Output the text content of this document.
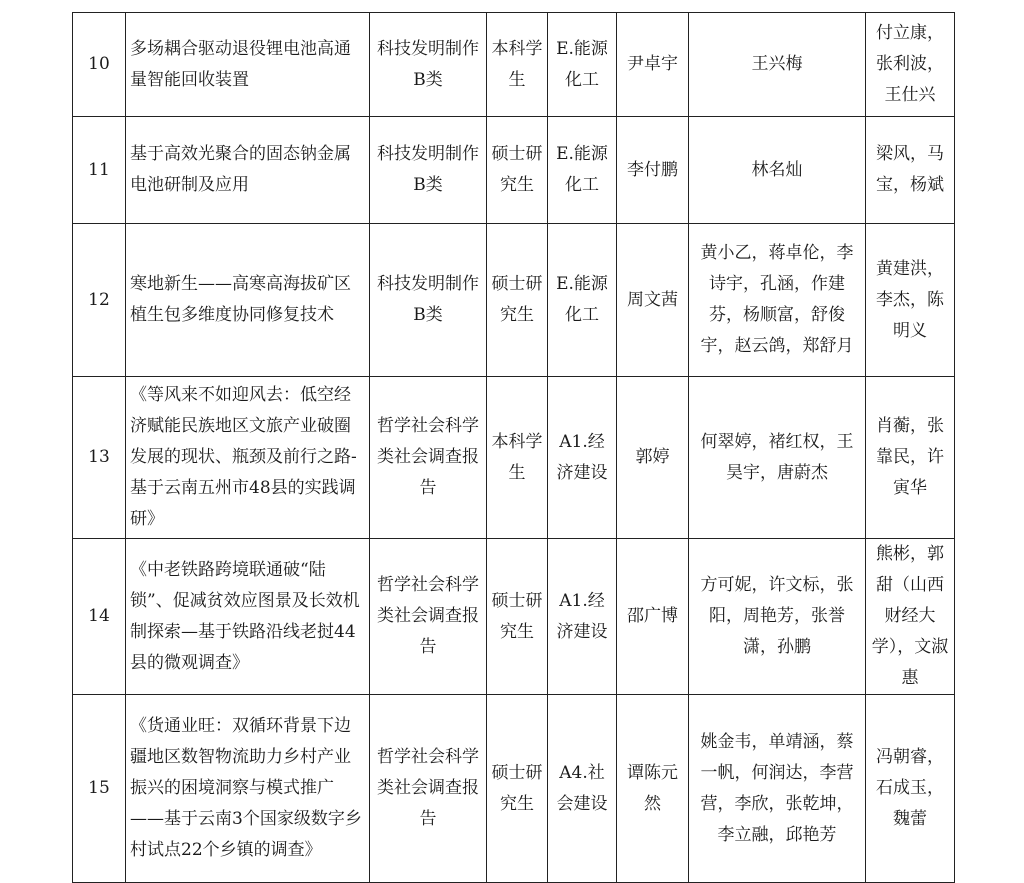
10	多场耦合驱动退役锂电池高通量智能回收装置	科技发明制作B类	本科学生	E.能源化工	尹卓宇	王兴梅	付立康，张利波，王仕兴
11	基于高效光聚合的固态钠金属电池研制及应用	科技发明制作B类	硕士研究生	E.能源化工	李付鹏	林名灿	梁风，马宝，杨斌
12	寒地新生——高寒高海拔矿区植生包多维度协同修复技术	科技发明制作B类	硕士研究生	E.能源化工	周文茜	黄小乙，蒋卓伦，李诗宇，孔涵，作建芬，杨顺富，舒俊宇，赵云鸽，郑舒月	黄建洪，李杰，陈明义
13	《等风来不如迎风去：低空经济赋能民族地区文旅产业破圈发展的现状、瓶颈及前行之路-基于云南五州市48县的实践调研》	哲学社会科学类社会调查报告	本科学生	A1.经济建设	郭婷	何翠婷，褚红权，王昊宇，唐蔚杰	肖蘅，张靠民，许寅华
14	《中老铁路跨境联通破“陆锁”、促减贫效应图景及长效机制探索—基于铁路沿线老挝44县的微观调查》	哲学社会科学类社会调查报告	硕士研究生	A1.经济建设	邵广博	方可妮，许文标，张阳，周艳芳，张誉潇，孙鹏	熊彬，郭甜（山西财经大学），文淑惠
15	《货通业旺：双循环背景下边疆地区数智物流助力乡村产业振兴的困境洞察与模式推广——基于云南3个国家级数字乡村试点22个乡镇的调查》	哲学社会科学类社会调查报告	硕士研究生	A4.社会建设	谭陈元然	姚金韦，单靖涵，蔡一帆，何润达，李营营，李欣，张乾坤，李立融，邱艳芳	冯朝睿，石成玉，魏蕾
